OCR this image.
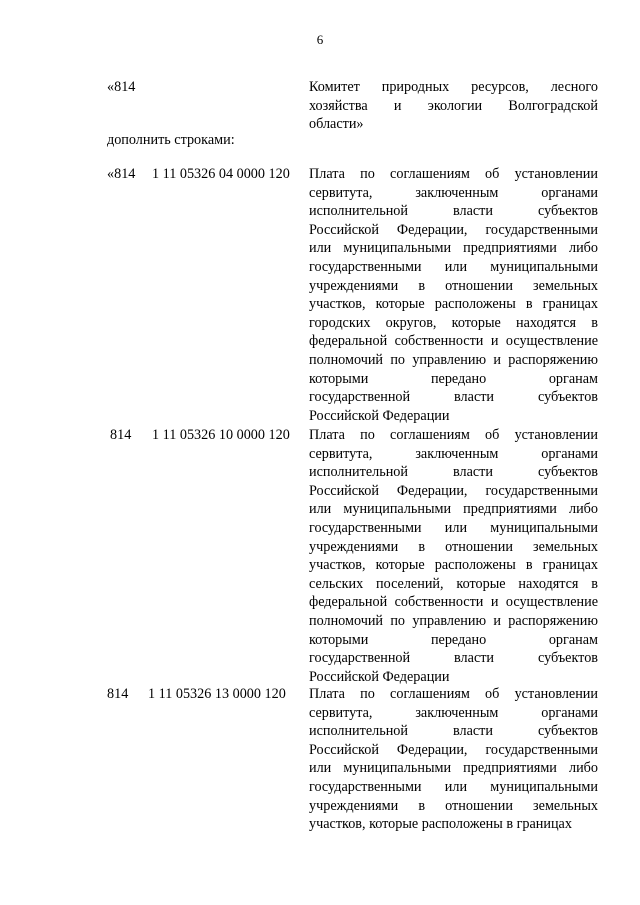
6
«814	Комитет природных ресурсов, лесного
хозяйства и экологии Волгоградской
области»
дополнить строками:
«814 1 11 05326 04 0000 120 Плата по соглашениям об установлении
сервитута, заключенным органами
исполнительной власти субъектов
Российской Федерации, государственными
или муниципальными предприятиями либо
государственными или муниципальными
учреждениями в отношении земельных
участков, которые расположены в границах
городских округов, которые находятся в
федеральной собственности и осуществление
полномочий по управлению и распоряжению
которыми передано органам
государственной власти субъектов
Российской Федерации
814 1 11 05326 10 0000 120 Плата по соглашениям об установлении
сервитута, заключенным органами
исполнительной власти субъектов
Российской Федерации, государственными
или муниципальными предприятиями либо
государственными или муниципальными
учреждениями в отношении земельных
участков, которые расположены в границах
сельских поселений, которые находятся в
федеральной собственности и осуществление
полномочий по управлению и распоряжению
которыми передано органам
государственной власти субъектов
Российской Федерации
814 1 11 05326 13 0000 120 Плата по соглашениям об установлении
сервитута, заключенным органами
исполнительной власти субъектов
Российской Федерации, государственными
или муниципальными предприятиями либо
государственными или муниципальными
учреждениями в отношении земельных
участков, которые расположены в границах
